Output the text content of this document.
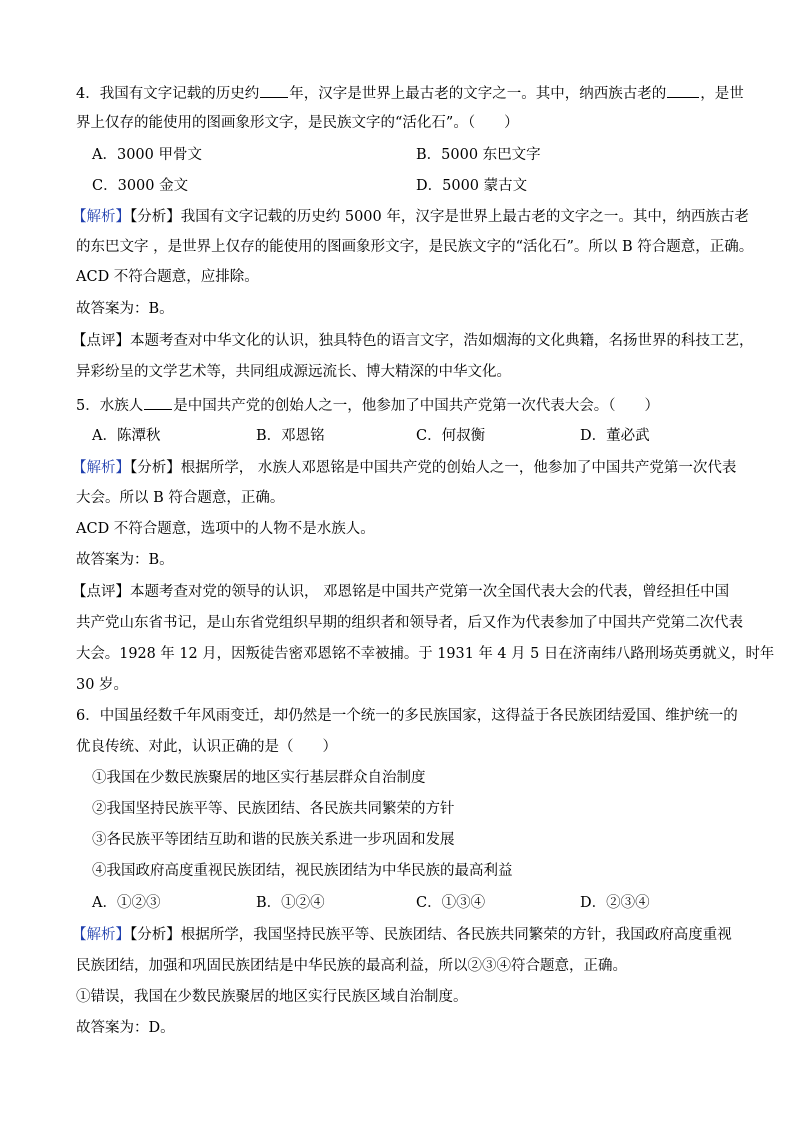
4．我国有文字记载的历史约 年，汉字是世界上最古老的文字之一。其中，纳西族古老的 ，是世
界上仅存的能使用的图画象形文字，是民族文字的“活化石”。（　　）
A．3000 甲骨文	B．5000 东巴文字
C．3000 金文	D．5000 蒙古文
【解析】【分析】我国有文字记载的历史约 5000 年，汉字是世界上最古老的文字之一。其中，纳西族古老
的东巴文字 ，是世界上仅存的能使用的图画象形文字，是民族文字的“活化石”。所以 B 符合题意，正确。
ACD 不符合题意，应排除。
故答案为：B。
【点评】本题考查对中华文化的认识，独具特色的语言文字，浩如烟海的文化典籍，名扬世界的科技工艺，
异彩纷呈的文学艺术等，共同组成源远流长、博大精深的中华文化。
5．水族人 是中国共产党的创始人之一，他参加了中国共产党第一次代表大会。（　　）
A．陈潭秋	B．邓恩铭	C．何叔衡	D．董必武
【解析】【分析】根据所学， 水族人邓恩铭是中国共产党的创始人之一，他参加了中国共产党第一次代表
大会。所以 B 符合题意，正确。
ACD 不符合题意，选项中的人物不是水族人。
故答案为：B。
【点评】本题考查对党的领导的认识， 邓恩铭是中国共产党第一次全国代表大会的代表，曾经担任中国
共产党山东省书记，是山东省党组织早期的组织者和领导者，后又作为代表参加了中国共产党第二次代表
大会。1928 年 12 月，因叛徒告密邓恩铭不幸被捕。于 1931 年 4 月 5 日在济南纬八路刑场英勇就义，时年
30 岁。
6．中国虽经数千年风雨变迁，却仍然是一个统一的多民族国家，这得益于各民族团结爱国、维护统一的
优良传统、对此，认识正确的是（　　）
①我国在少数民族聚居的地区实行基层群众自治制度
②我国坚持民族平等、民族团结、各民族共同繁荣的方针
③各民族平等团结互助和谐的民族关系进一步巩固和发展
④我国政府高度重视民族团结，视民族团结为中华民族的最高利益
A．①②③	B．①②④	C．①③④	D．②③④
【解析】【分析】根据所学，我国坚持民族平等、民族团结、各民族共同繁荣的方针，我国政府高度重视
民族团结，加强和巩固民族团结是中华民族的最高利益，所以②③④符合题意，正确。
①错误，我国在少数民族聚居的地区实行民族区域自治制度。
故答案为：D。
